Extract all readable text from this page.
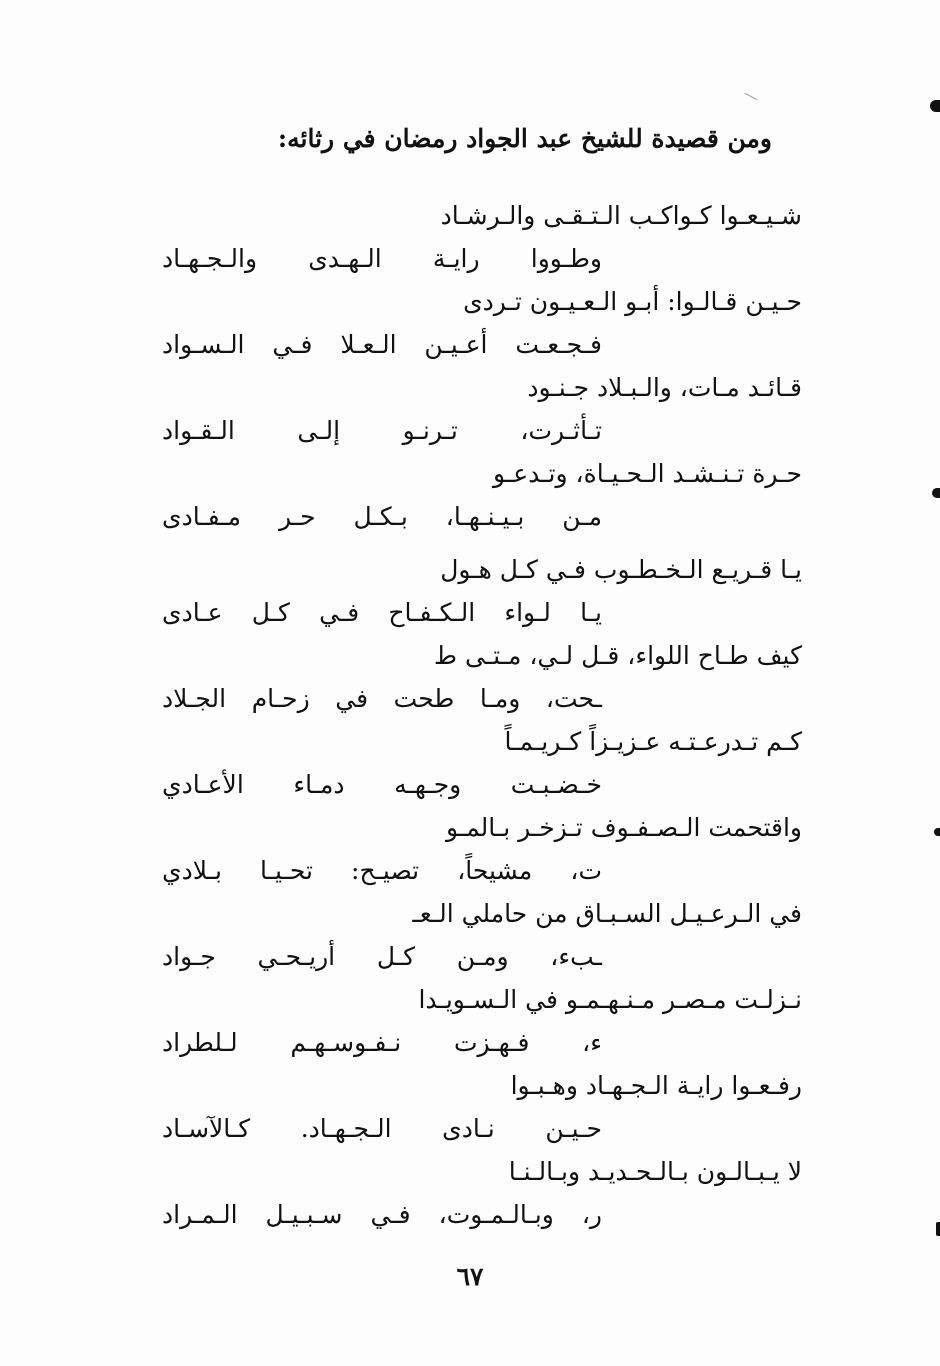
ومن قصيدة للشيخ عبد الجواد رمضان في رثائه:
شـيـعـوا كـواكـب الـتـقـى والـرشـاد
وطـووا رايـة الـهـدى والـجـهـاد
حـيـن قـالـوا: أبـو الـعـيـون تـردى
فـجـعـت أعـيـن الـعـلا فـي الـسـواد
قـائـد مـات، والـبـلاد جـنـود
تـأثـرت، تـرنـو إلـى الـقـواد
حـرة تـنـشـد الـحـيـاة، وتـدعـو
مـن بـيـنـهـا، بـكـل حـر مـفـادى
يـا قـريـع الـخـطـوب فـي كـل هـول
يـا لـواء الـكـفـاح فـي كـل عـادى
كيف طـاح اللواء، قـل لـي، مـتـى ط
ـحت، ومـا طحت في زحـام الجـلاد
كـم تـدرعـتـه عـزيـزاً كـريـمـاً
خـضـبـت وجـهـه دمـاء الأعـادي
واقتحمت الـصـفـوف تـزخـر بـالمـو
ت، مشيحاً، تصيـح: تحـيـا بـلادي
في الـرعـيـل السـبـاق من حاملي الـعـ
ـبء، ومـن كـل أريـحـي جـواد
نـزلـت مـصـر مـنـهـمـو في الـسـويـدا
ء، فـهـزت نـفـوسـهـم لـلطراد
رفـعـوا رايـة الـجـهـاد وهـبـوا
حـيـن نـادى الـجـهـاد. كـالآسـاد
لا يـبـالـون بـالـحـديـد وبـالـنـا
ر، وبـالـمـوت، فـي سـبـيـل الـمـراد
٦٧
